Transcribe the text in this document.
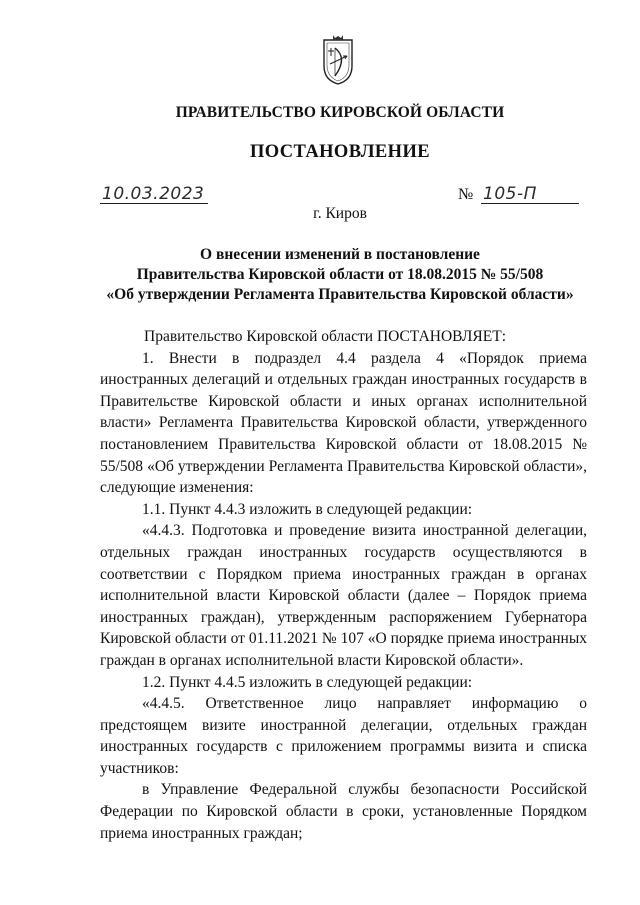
ПРАВИТЕЛЬСТВО КИРОВСКОЙ ОБЛАСТИ
ПОСТАНОВЛЕНИЕ
10.03.2023	№ 105-П
г. Киров
О внесении изменений в постановление
Правительства Кировской области от 18.08.2015 № 55/508
«Об утверждении Регламента Правительства Кировской области»

Правительство Кировской области ПОСТАНОВЛЯЕТ:

1. Внести в подраздел 4.4 раздела 4 «Порядок приема иностранных делегаций и отдельных граждан иностранных государств в Правительстве Кировской области и иных органах исполнительной власти» Регламента Правительства Кировской области, утвержденного постановлением Правительства Кировской области от 18.08.2015 № 55/508 «Об утверждении Регламента Правительства Кировской области», следующие изменения:

1.1. Пункт 4.4.3 изложить в следующей редакции:

«4.4.3. Подготовка и проведение визита иностранной делегации, отдельных граждан иностранных государств осуществляются в соответствии с Порядком приема иностранных граждан в органах исполнительной власти Кировской области (далее – Порядок приема иностранных граждан), утвержденным распоряжением Губернатора Кировской области от 01.11.2021 № 107 «О порядке приема иностранных граждан в органах исполнительной власти Кировской области».

1.2. Пункт 4.4.5 изложить в следующей редакции:

«4.4.5. Ответственное лицо направляет информацию о предстоящем визите иностранной делегации, отдельных граждан иностранных государств с приложением программы визита и списка участников:

в Управление Федеральной службы безопасности Российской Федерации по Кировской области в сроки, установленные Порядком приема иностранных граждан;
